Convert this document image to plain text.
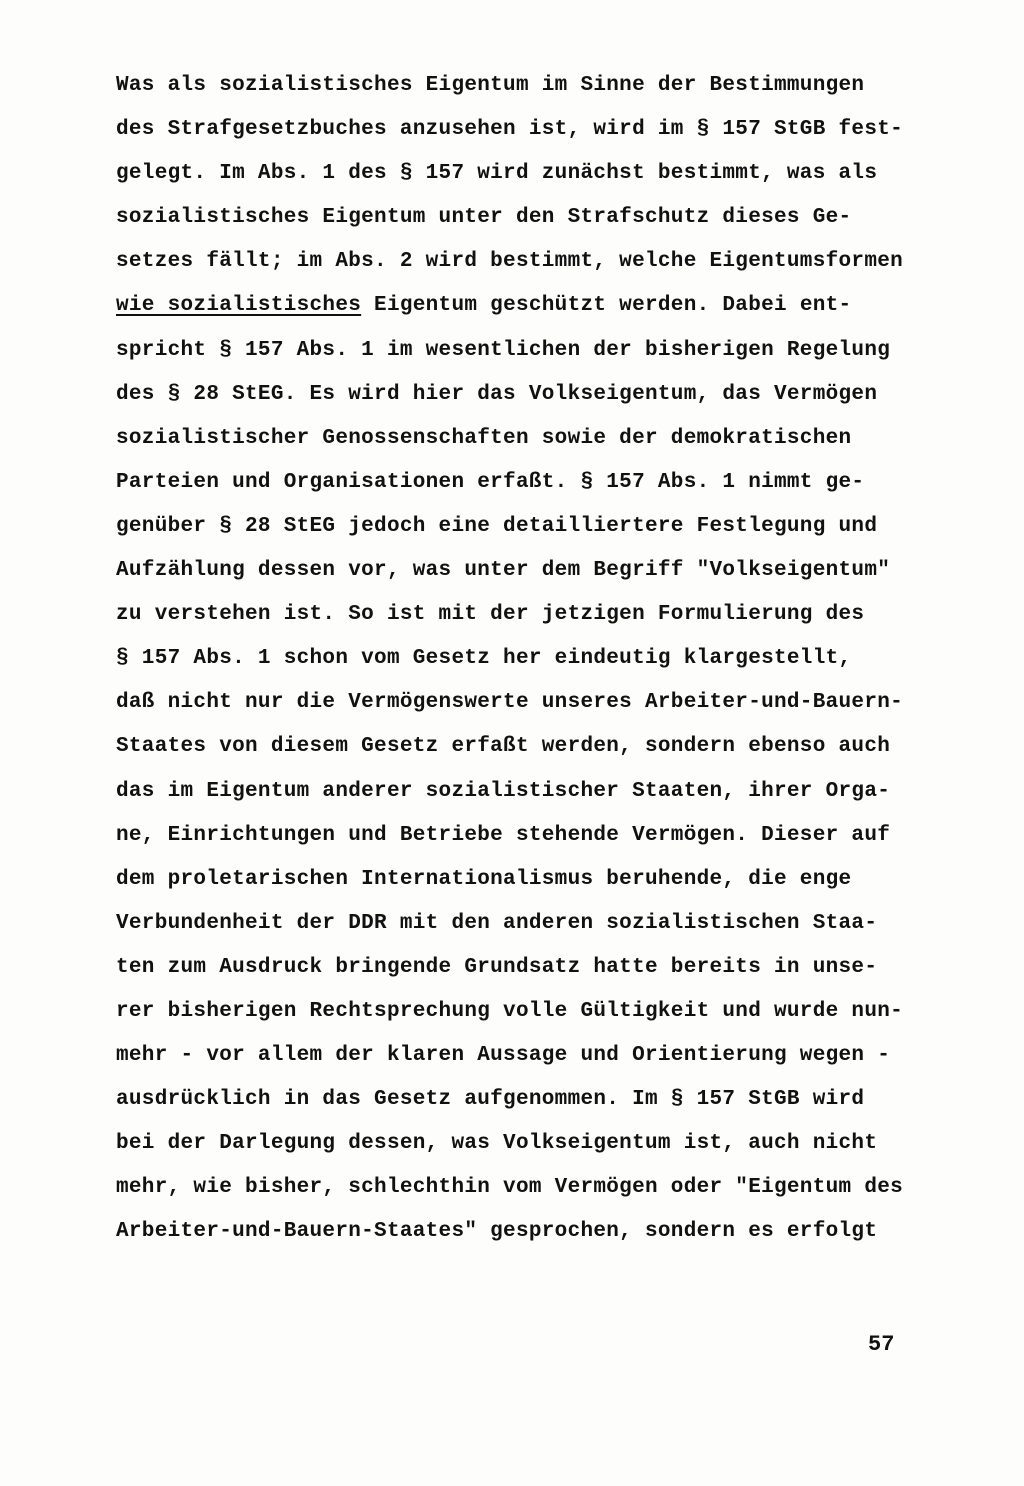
Was als sozialistisches Eigentum im Sinne der Bestimmungen
des Strafgesetzbuches anzusehen ist, wird im § 157 StGB fest-
gelegt. Im Abs. 1 des § 157 wird zunächst bestimmt, was als
sozialistisches Eigentum unter den Strafschutz dieses Ge-
setzes fällt; im Abs. 2 wird bestimmt, welche Eigentumsformen
wie sozialistisches Eigentum geschützt werden. Dabei ent-
spricht § 157 Abs. 1 im wesentlichen der bisherigen Regelung
des § 28 StEG. Es wird hier das Volkseigentum, das Vermögen
sozialistischer Genossenschaften sowie der demokratischen
Parteien und Organisationen erfaßt. § 157 Abs. 1 nimmt ge-
genüber § 28 StEG jedoch eine detailliertere Festlegung und
Aufzählung dessen vor, was unter dem Begriff "Volkseigentum"
zu verstehen ist. So ist mit der jetzigen Formulierung des
§ 157 Abs. 1 schon vom Gesetz her eindeutig klargestellt,
daß nicht nur die Vermögenswerte unseres Arbeiter-und-Bauern-
Staates von diesem Gesetz erfaßt werden, sondern ebenso auch
das im Eigentum anderer sozialistischer Staaten, ihrer Orga-
ne, Einrichtungen und Betriebe stehende Vermögen. Dieser auf
dem proletarischen Internationalismus beruhende, die enge
Verbundenheit der DDR mit den anderen sozialistischen Staa-
ten zum Ausdruck bringende Grundsatz hatte bereits in unse-
rer bisherigen Rechtsprechung volle Gültigkeit und wurde nun-
mehr - vor allem der klaren Aussage und Orientierung wegen -
ausdrücklich in das Gesetz aufgenommen. Im § 157 StGB wird
bei der Darlegung dessen, was Volkseigentum ist, auch nicht
mehr, wie bisher, schlechthin vom Vermögen oder "Eigentum des
Arbeiter-und-Bauern-Staates" gesprochen, sondern es erfolgt
57
